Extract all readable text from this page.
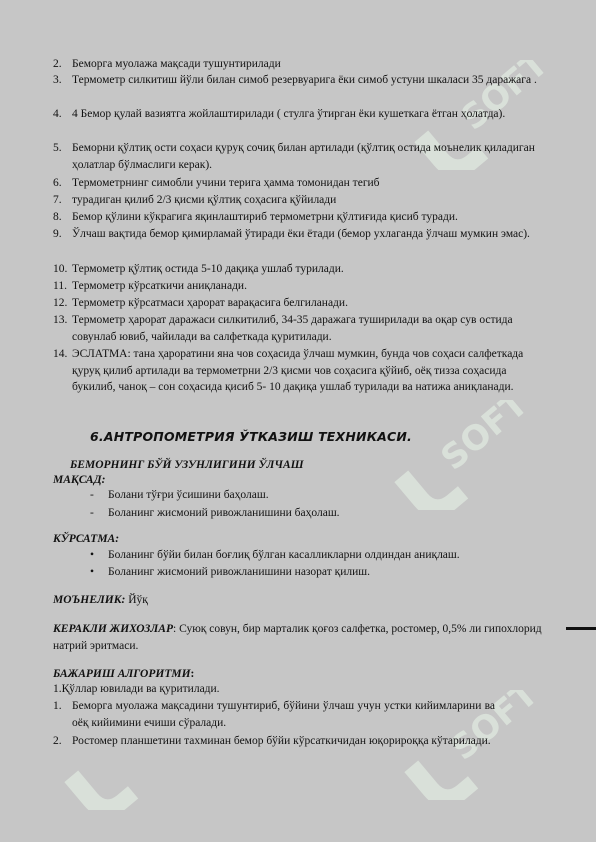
SOFT
SOFT
SOFT
2. Беморга муолажа мақсади тушунтирилади
3. Термометр силкитиш йўли билан симоб резервуарига ёки симоб устуни шкаласи 35 даражага .
4. 4 Бемор қулай вазиятга жойлаштирилади ( стулга ўтирган ёки кушеткага ётган ҳолатда).
5. Беморни қўлтиқ ости соҳаси қуруқ сочиқ билан артилади (қўлтиқ остида моънелик қиладиган ҳолатлар бўлмаслиги керак).
6. Термометрнинг симобли учини терига ҳамма томонидан тегиб
7. турадиган қилиб 2/3 қисми қўлтиқ соҳасига қўйилади
8. Бемор қўлини кўкрагига яқинлаштириб термометрни қўлтиғида қисиб туради.
9. Ўлчаш вақтида бемор қимирламай ўтиради ёки ётади (бемор ухлаганда ўлчаш мумкин эмас).
10. Термометр қўлтиқ остида 5-10 дақиқа ушлаб турилади.
11. Термометр кўрсаткичи аниқланади.
12. Термометр кўрсатмаси ҳарорат варақасига белгиланади.
13. Термометр ҳарорат даражаси силкитилиб, 34-35 даражага туширилади ва оқар сув остида совунлаб ювиб, чайилади ва салфеткада қуритилади.
14. ЭСЛАТМА: тана ҳароратини яна чов соҳасида ўлчаш мумкин, бунда чов соҳаси салфеткада қуруқ қилиб артилади ва термометрни 2/3 қисми чов соҳасига қўйиб, оёқ тизза соҳасида букилиб, чаноқ – сон соҳасида қисиб 5- 10 дақиқа ушлаб турилади ва натижа аниқланади.
6.АНТРОПОМЕТРИЯ ЎТКАЗИШ ТЕХНИКАСИ.
БЕМОРНИНГ БЎЙ УЗУНЛИГИНИ ЎЛЧАШ
МАҚСАД:
-	Болани тўғри ўсишини баҳолаш.
-	Боланинг жисмоний ривожланишини баҳолаш.
КЎРСАТМА:
•	Боланинг бўйи билан боғлиқ бўлган касалликларни олдиндан аниқлаш.
•	Боланинг жисмоний ривожланишини назорат қилиш.
МОЪНЕЛИК: Йўқ
КЕРАКЛИ ЖИХОЗЛАР: Суюқ совун, бир марталик қоғоз салфетка, ростомер, 0,5% ли гипохлорид натрий эритмаси.
БАЖАРИШ АЛГОРИТМИ:
1.Қўллар ювилади ва қуритилади.
1. Беморга муолажа мақсадини тушунтириб, бўйини ўлчаш учун устки кийимларини ва оёқ кийимини ечиши сўралади.
2. Ростомер планшетини тахминан бемор бўйи кўрсаткичидан юқорироққа кўтарилади.
